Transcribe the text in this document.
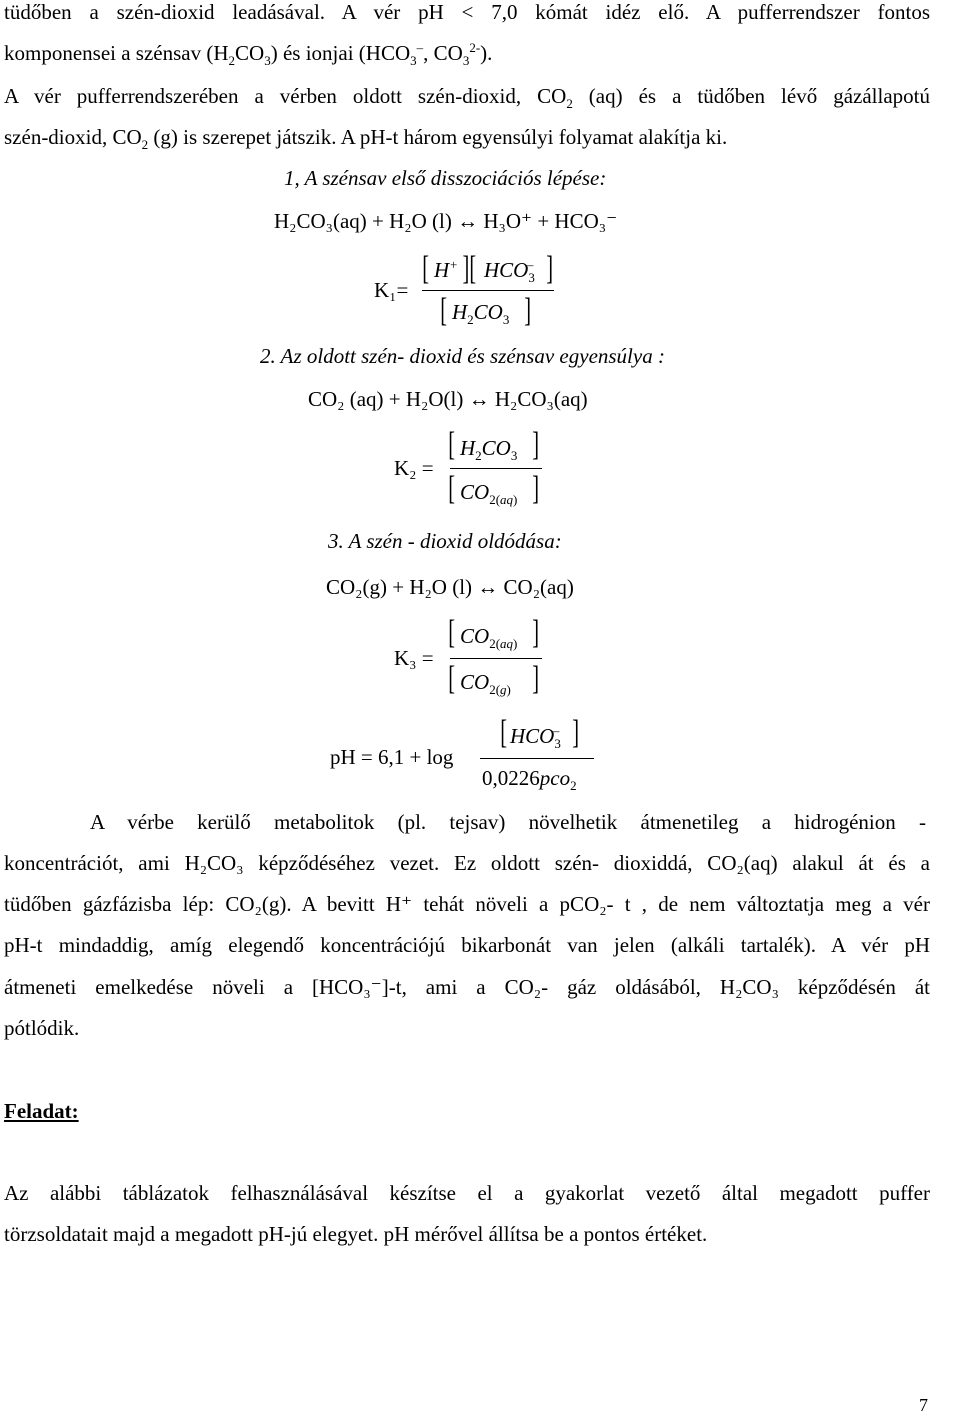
tüdőben a szén-dioxid leadásával. A vér pH < 7,0 kómát idéz elő. A pufferrendszer fontos
komponensei a szénsav $(H_2CO_3)$ és ionjai ($HCO_3^-$, $CO_3^{2-}$).
A vér pufferrendszerében a vérben oldott szén-dioxid, $CO_2$ (aq) és a tüdőben lévő gázállapotú
szén-dioxid, $CO_2$ (g) is szerepet játszik. A pH-t három egyensúlyi folyamat alakítja ki.
1, A szénsav első disszociációs lépése:
H₂CO₃(aq) + H₂O (l) ↔ H₃O⁺ + HCO₃⁻
K₁=
[ H+ ][ $HCO_3^-$ ]
[ $H_2CO_3$ ]
2. Az oldott szén- dioxid és szénsav egyensúlya :
CO₂ (aq) + H₂O(l) ↔ H₂CO₃(aq)
K₂ =
[ $H_2CO_3$ ]
[ $CO_{2(aq)}$ ]
3. A szén - dioxid oldódása:
CO₂(g) + H₂O (l) ↔ CO₂(aq)
K₃ =
[ $CO_{2(aq)}$ ]
[ $CO_{2(g)}$ ]
pH = 6,1 + log
[ $HCO_3^-$ ]
0,0226pco$_2$
A vérbe kerülő metabolitok (pl. tejsav) növelhetik átmenetileg a hidrogénion -
koncentrációt, ami H₂CO₃ képződéséhez vezet. Ez oldott szén- dioxiddá, CO₂(aq) alakul át és a
tüdőben gázfázisba lép: CO₂(g). A bevitt H⁺ tehát növeli a pCO₂- t , de nem változtatja meg a vér
pH-t mindaddig, amíg elegendő koncentrációjú bikarbonát van jelen (alkáli tartalék). A vér pH
átmeneti emelkedése növeli a [HCO₃⁻]-t, ami a CO₂- gáz oldásából, H₂CO₃ képződésén át
pótlódik.
Feladat:
Az alábbi táblázatok felhasználásával készítse el a gyakorlat vezető által megadott puffer
törzsoldatait majd a megadott pH-jú elegyet. pH mérővel állítsa be a pontos értéket.
7
